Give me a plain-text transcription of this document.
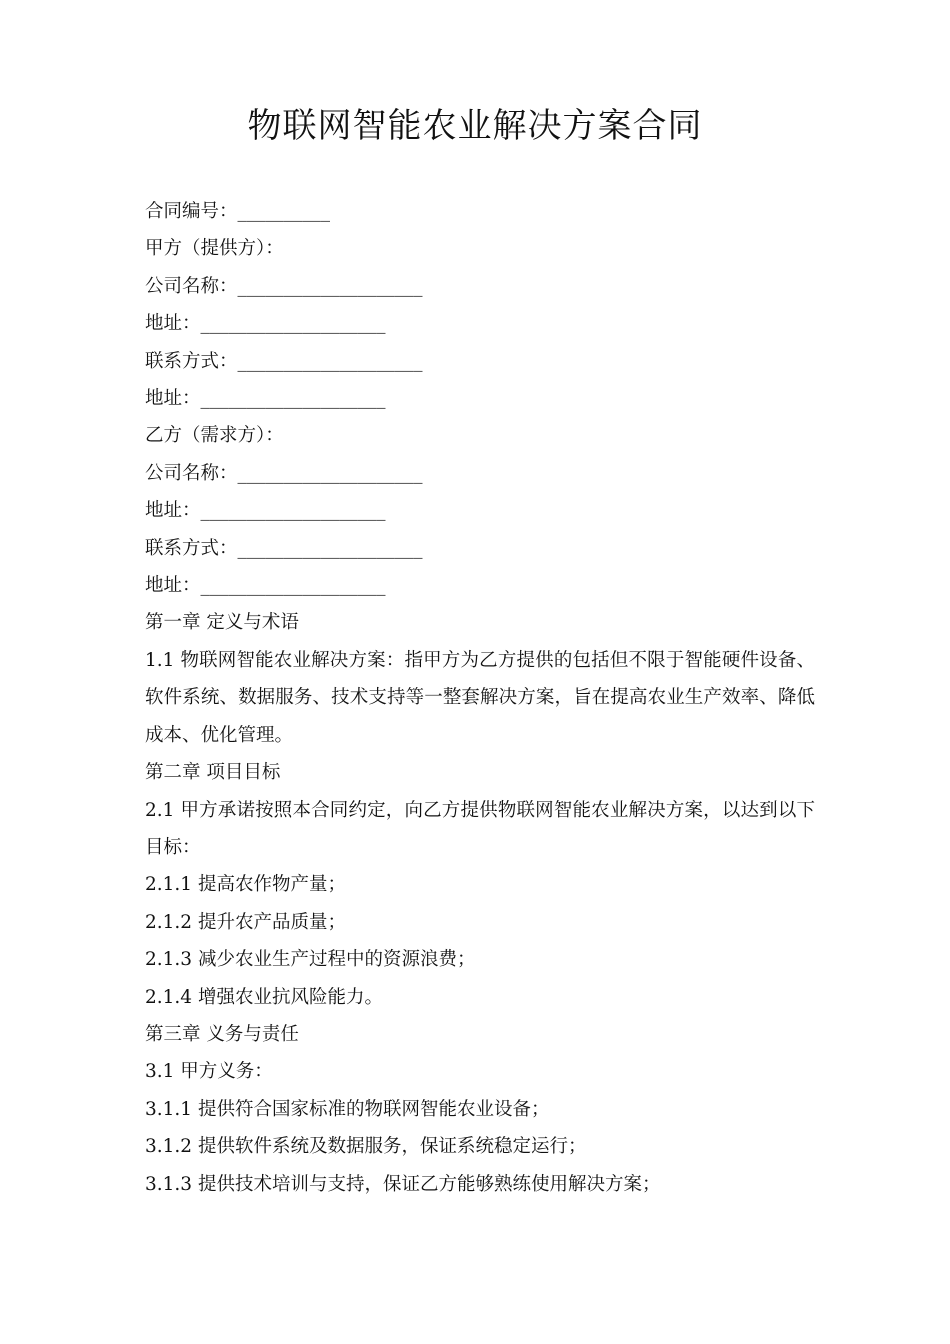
物联网智能农业解决方案合同
合同编号：__________
甲方（提供方）：
公司名称：____________________
地址：____________________
联系方式：____________________
地址：____________________
乙方（需求方）：
公司名称：____________________
地址：____________________
联系方式：____________________
地址：____________________
第一章 定义与术语
1.1 物联网智能农业解决方案：指甲方为乙方提供的包括但不限于智能硬件设备、软件系统、数据服务、技术支持等一整套解决方案，旨在提高农业生产效率、降低成本、优化管理。
第二章 项目目标
2.1 甲方承诺按照本合同约定，向乙方提供物联网智能农业解决方案，以达到以下目标：
2.1.1 提高农作物产量；
2.1.2 提升农产品质量；
2.1.3 减少农业生产过程中的资源浪费；
2.1.4 增强农业抗风险能力。
第三章 义务与责任
3.1 甲方义务：
3.1.1 提供符合国家标准的物联网智能农业设备；
3.1.2 提供软件系统及数据服务，保证系统稳定运行；
3.1.3 提供技术培训与支持，保证乙方能够熟练使用解决方案；
